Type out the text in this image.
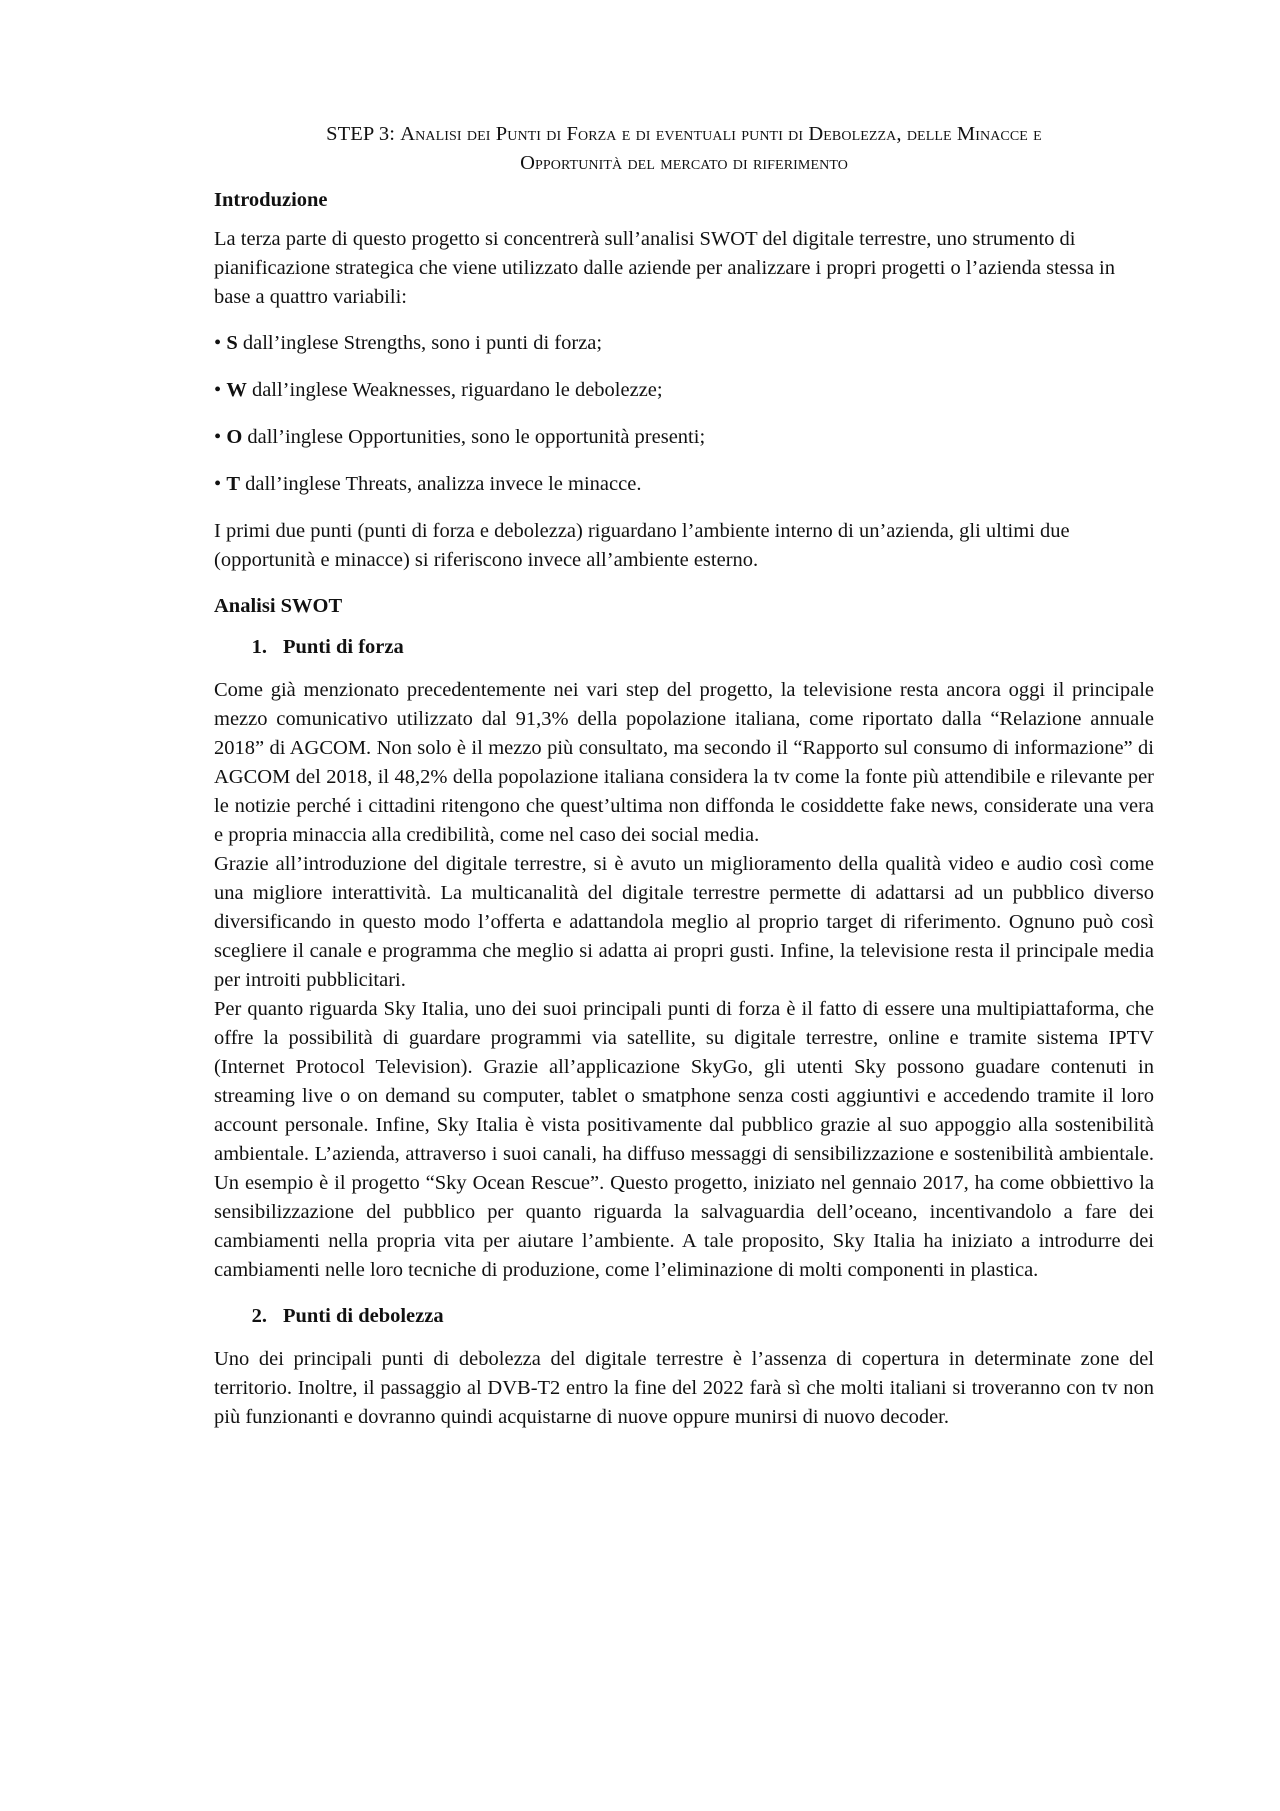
STEP 3: Analisi dei Punti di Forza e di eventuali punti di Debolezza, delle Minacce e
Opportunità del mercato di riferimento
Introduzione

La terza parte di questo progetto si concentrerà sull’analisi SWOT del digitale terrestre, uno strumento di pianificazione strategica che viene utilizzato dalle aziende per analizzare i propri progetti o l’azienda stessa in base a quattro variabili:

• S dall’inglese Strengths, sono i punti di forza;
• W dall’inglese Weaknesses, riguardano le debolezze;
• O dall’inglese Opportunities, sono le opportunità presenti;
• T dall’inglese Threats, analizza invece le minacce.

I primi due punti (punti di forza e debolezza) riguardano l’ambiente interno di un’azienda, gli ultimi due (opportunità e minacce) si riferiscono invece all’ambiente esterno.

Analisi SWOT
1. Punti di forza

Come già menzionato precedentemente nei vari step del progetto, la televisione resta ancora oggi il principale mezzo comunicativo utilizzato dal 91,3% della popolazione italiana, come riportato dalla “Relazione annuale 2018” di AGCOM. Non solo è il mezzo più consultato, ma secondo il “Rapporto sul consumo di informazione” di AGCOM del 2018, il 48,2% della popolazione italiana considera la tv come la fonte più attendibile e rilevante per le notizie perché i cittadini ritengono che quest’ultima non diffonda le cosiddette fake news, considerate una vera e propria minaccia alla credibilità, come nel caso dei social media.

Grazie all’introduzione del digitale terrestre, si è avuto un miglioramento della qualità video e audio così come una migliore interattività. La multicanalità del digitale terrestre permette di adattarsi ad un pubblico diverso diversificando in questo modo l’offerta e adattandola meglio al proprio target di riferimento. Ognuno può così scegliere il canale e programma che meglio si adatta ai propri gusti. Infine, la televisione resta il principale media per introiti pubblicitari.

Per quanto riguarda Sky Italia, uno dei suoi principali punti di forza è il fatto di essere una multipiattaforma, che offre la possibilità di guardare programmi via satellite, su digitale terrestre, online e tramite sistema IPTV (Internet Protocol Television). Grazie all’applicazione SkyGo, gli utenti Sky possono guadare contenuti in streaming live o on demand su computer, tablet o smatphone senza costi aggiuntivi e accedendo tramite il loro account personale. Infine, Sky Italia è vista positivamente dal pubblico grazie al suo appoggio alla sostenibilità ambientale. L’azienda, attraverso i suoi canali, ha diffuso messaggi di sensibilizzazione e sostenibilità ambientale. Un esempio è il progetto “Sky Ocean Rescue”. Questo progetto, iniziato nel gennaio 2017, ha come obbiettivo la sensibilizzazione del pubblico per quanto riguarda la salvaguardia dell’oceano, incentivandolo a fare dei cambiamenti nella propria vita per aiutare l’ambiente. A tale proposito, Sky Italia ha iniziato a introdurre dei cambiamenti nelle loro tecniche di produzione, come l’eliminazione di molti componenti in plastica.

2. Punti di debolezza

Uno dei principali punti di debolezza del digitale terrestre è l’assenza di copertura in determinate zone del territorio. Inoltre, il passaggio al DVB-T2 entro la fine del 2022 farà sì che molti italiani si troveranno con tv non più funzionanti e dovranno quindi acquistarne di nuove oppure munirsi di nuovo decoder.
